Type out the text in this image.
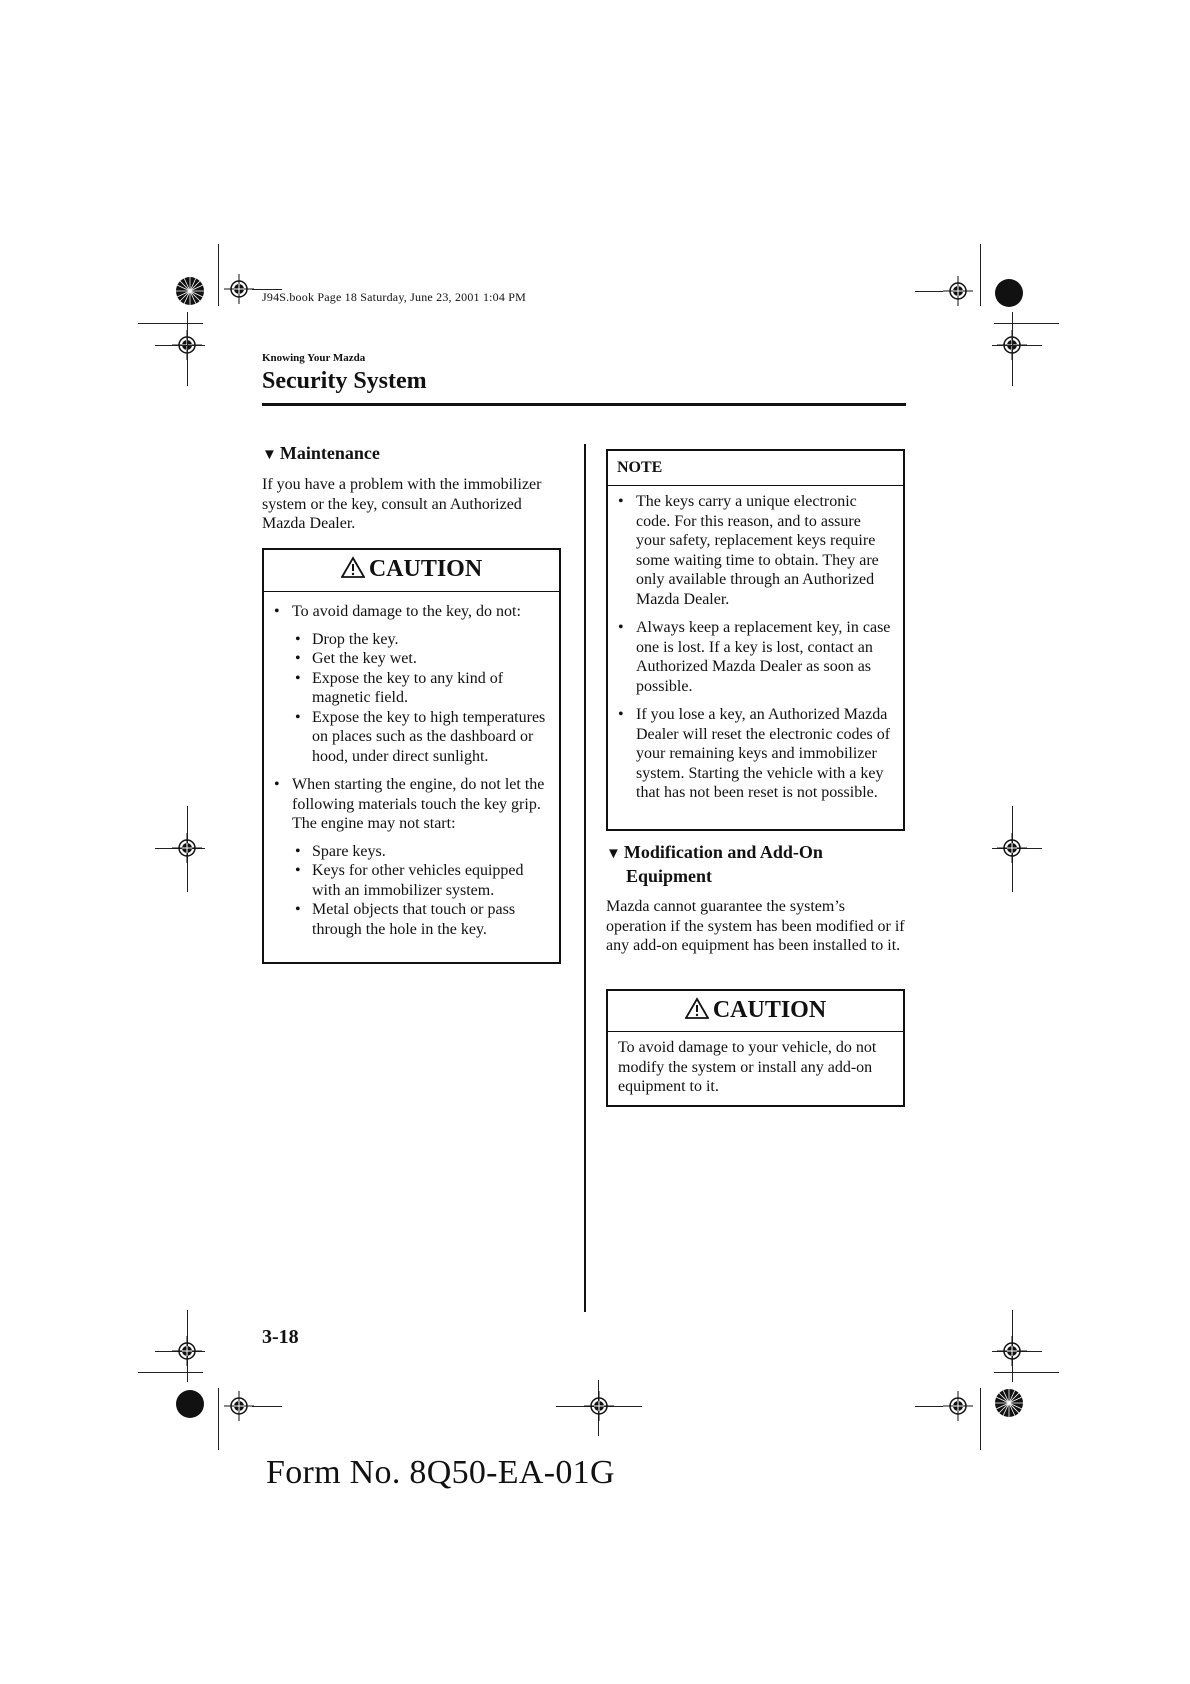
J94S.book Page 18 Saturday, June 23, 2001 1:04 PM
Knowing Your Mazda
Security System
▼ Maintenance
If you have a problem with the immobilizer system or the key, consult an Authorized Mazda Dealer.
CAUTION
• To avoid damage to the key, do not:
• Drop the key.
• Get the key wet.
• Expose the key to any kind of magnetic field.
• Expose the key to high temperatures on places such as the dashboard or hood, under direct sunlight.
• When starting the engine, do not let the following materials touch the key grip. The engine may not start:
• Spare keys.
• Keys for other vehicles equipped with an immobilizer system.
• Metal objects that touch or pass through the hole in the key.
NOTE
• The keys carry a unique electronic code. For this reason, and to assure your safety, replacement keys require some waiting time to obtain. They are only available through an Authorized Mazda Dealer.
• Always keep a replacement key, in case one is lost. If a key is lost, contact an Authorized Mazda Dealer as soon as possible.
• If you lose a key, an Authorized Mazda Dealer will reset the electronic codes of your remaining keys and immobilizer system. Starting the vehicle with a key that has not been reset is not possible.
▼ Modification and Add-On
Equipment
Mazda cannot guarantee the system’s operation if the system has been modified or if any add-on equipment has been installed to it.
CAUTION
To avoid damage to your vehicle, do not modify the system or install any add-on equipment to it.
3-18
Form No. 8Q50-EA-01G
